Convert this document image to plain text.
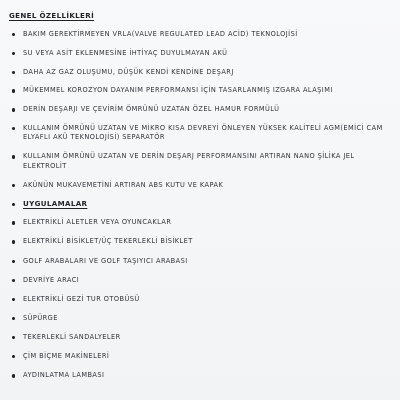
GENEL ÖZELLİKLERİ
BAKIM GEREKTİRMEYEN VRLA(VALVE REGULATED LEAD ACİD) TEKNOLOJİSİ
SU VEYA ASİT EKLENMESİNE İHTİYAÇ DUYULMAYAN AKÜ
DAHA AZ GAZ OLUŞUMU, DÜŞÜK KENDİ KENDİNE DEŞARJ
MÜKEMMEL KOROZYON DAYANIM PERFORMANSI İÇİN TASARLANMIŞ IZGARA ALAŞIMI
DERİN DEŞARJI VE ÇEVİRİM ÖMRÜNÜ UZATAN ÖZEL HAMUR FORMÜLÜ
KULLANIM ÖMRÜNÜ UZATAN VE MİKRO KISA DEVREYİ ÖNLEYEN YÜKSEK KALİTELİ AGM(EMİCİ CAM ELYAFLI AKÜ TEKNOLOJİSİ) SEPARATÖR
KULLANIM ÖMRÜNÜ UZATAN VE DERİN DEŞARJ PERFORMANSINI ARTIRAN NANO ŞİLİKA JEL ELEKTROLİT
AKÜNÜN MUKAVEMETİNİ ARTIRAN ABS KUTU VE KAPAK
UYGULAMALAR
ELEKTRİKLİ ALETLER VEYA OYUNCAKLAR
ELEKTRİKLİ BİSİKLET/ÜÇ TEKERLEKLİ BİSİKLET
GOLF ARABALARI VE GOLF TAŞIYICI ARABASI
DEVRİYE ARACI
ELEKTRİKLİ GEZİ TUR OTOBÜSÜ
SÜPÜRGE
TEKERLEKLİ SANDALYELER
ÇİM BİÇME MAKİNELERİ
AYDINLATMA LAMBASI
